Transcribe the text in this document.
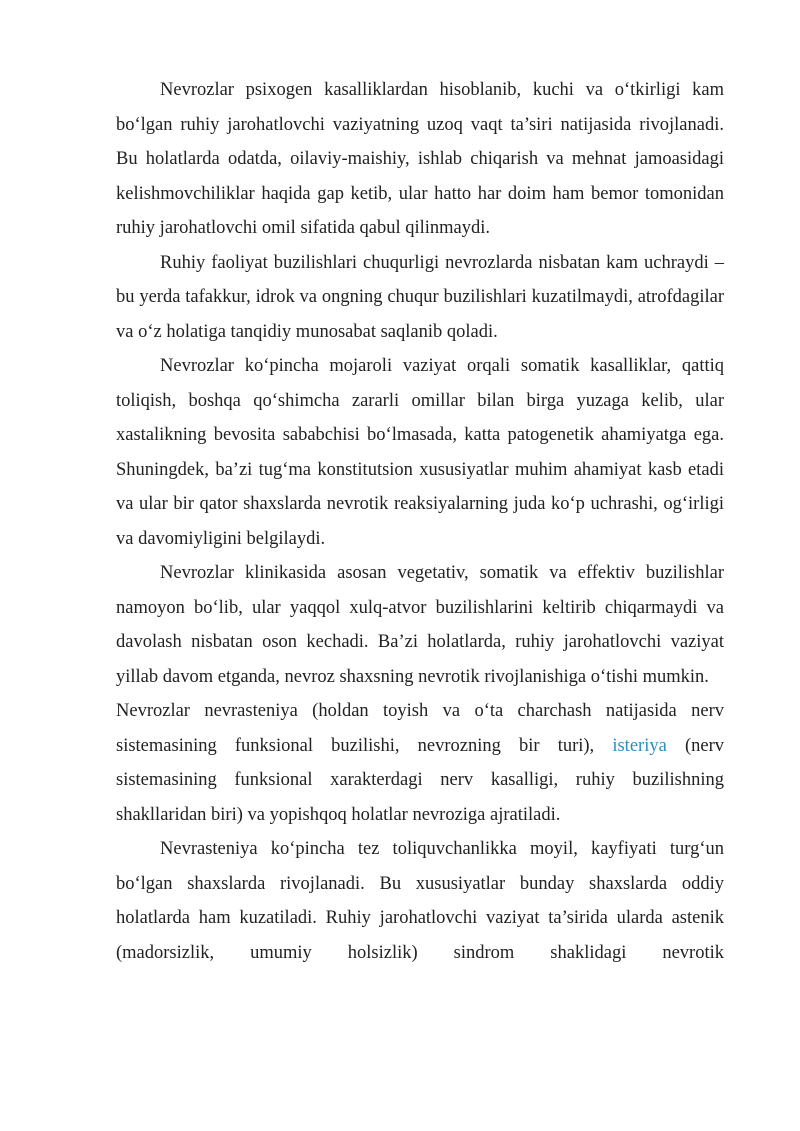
Nevrozlar psixogen kasalliklardan hisoblanib, kuchi va o‘tkirligi kam bo‘lgan ruhiy jarohatlovchi vaziyatning uzoq vaqt ta’siri natijasida rivojlanadi. Bu holatlarda odatda, oilaviy-maishiy, ishlab chiqarish va mehnat jamoasidagi kelishmovchiliklar haqida gap ketib, ular hatto har doim ham bemor tomonidan ruhiy jarohatlovchi omil sifatida qabul qilinmaydi.

Ruhiy faoliyat buzilishlari chuqurligi nevrozlarda nisbatan kam uchraydi – bu yerda tafakkur, idrok va ongning chuqur buzilishlari kuzatilmaydi, atrofdagilar va o‘z holatiga tanqidiy munosabat saqlanib qoladi.

Nevrozlar ko‘pincha mojaroli vaziyat orqali somatik kasalliklar, qattiq toliqish, boshqa qo‘shimcha zararli omillar bilan birga yuzaga kelib, ular xastalikning bevosita sababchisi bo‘lmasada, katta patogenetik ahamiyatga ega. Shuningdek, ba’zi tug‘ma konstitutsion xususiyatlar muhim ahamiyat kasb etadi va ular bir qator shaxslarda nevrotik reaksiyalarning juda ko‘p uchrashi, og‘irligi va davomiyligini belgilaydi.

Nevrozlar klinikasida asosan vegetativ, somatik va effektiv buzilishlar namoyon bo‘lib, ular yaqqol xulq-atvor buzilishlarini keltirib chiqarmaydi va davolash nisbatan oson kechadi. Ba’zi holatlarda, ruhiy jarohatlovchi vaziyat yillab davom etganda, nevroz shaxsning nevrotik rivojlanishiga o‘tishi mumkin.

Nevrozlar nevrasteniya (holdan toyish va o‘ta charchash natijasida nerv sistemasining funksional buzilishi, nevrozning bir turi), isteriya (nerv sistemasining funksional xarakterdagi nerv kasalligi, ruhiy buzilishning shakllaridan biri) va yopishqoq holatlar nevroziga ajratiladi.

Nevrasteniya ko‘pincha tez toliquvchanlikka moyil, kayfiyati turg‘un bo‘lgan shaxslarda rivojlanadi. Bu xususiyatlar bunday shaxslarda oddiy holatlarda ham kuzatiladi. Ruhiy jarohatlovchi vaziyat ta’sirida ularda astenik (madorsizlik, umumiy holsizlik) sindrom shaklidagi nevrotik
